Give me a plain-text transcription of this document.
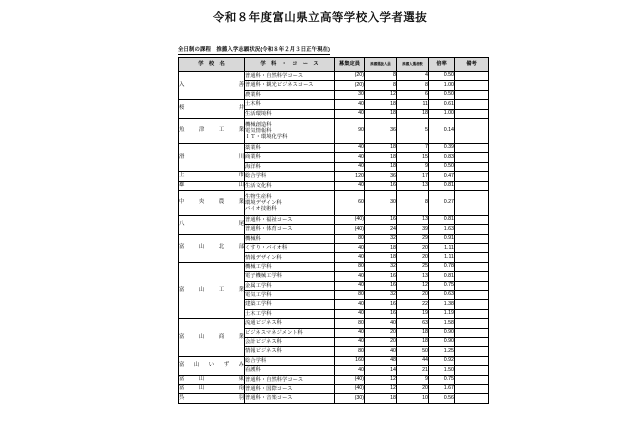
令和８年度富山県立高等学校入学者選抜
全日制の課程　推薦入学志願状況(令和８年２月３日正午現在)
学　校　名	学　科　・　コ　ー　ス	募集定員	推薦選抜人員	推薦入選者数	倍率	備考
入　　　　善	普通科・自然科学コース	(20)	8	4	0.50	

	普通科・観光ビジネスコース	(20)	8	8	1.00	

	農業科	30	12	6	0.50	
桜　　　　井	土木科	40	18	11	0.61	

	生活環境科	40	18	18	1.00	
魚　津　工　業	機械創造科
電気情報科
ＩＴ・環境化学科	90	36	5	0.14	
滑　　　　川	薬業科	40	18	7	0.39	

	商業科	40	18	15	0.83	

	海洋科	40	18	9	0.50	
上　　　　市	総合学科	120	36	17	0.47	
雄　　　　山	生活文化科	40	16	13	0.81	
中　央　農　業	生物生産科
環境デザイン科
バイオ技術科	60	30	8	0.27	
八　　　　尾	普通科・福祉コース	(40)	16	13	0.81	

	普通科・体育コース	(40)	24	39	1.63	
富　山　北　部	機械科	80	32	29	0.91	

	くすり・バイオ科	40	18	20	1.11	

	情報デザイン科	40	18	20	1.11	
富　山　工　業	機械工学科	80	32	25	0.78	

	電子機械工学科	40	16	13	0.81	

	金属工学科	40	16	12	0.75	

	電気工学科	80	32	20	0.63	

	建築工学科	40	16	22	1.38	

	土木工学科	40	16	19	1.19	
富　山　商　業	流通ビジネス科	80	40	63	1.58	

	ビジネスマネジメント科	40	20	18	0.90	

	会計ビジネス科	40	20	18	0.90	

	情報ビジネス科	80	40	50	1.25	
富　山　い　ず　み	総合学科	160	48	44	0.92	

	看護科	40	14	21	1.50	
富　山　　　東	普通科・自然科学コース	(40)	12	9	0.75	
富　山　　　南	普通科・国際コース	(40)	12	20	1.67	
呉　　　　羽	普通科・音楽コース	(30)	18	10	0.56	
